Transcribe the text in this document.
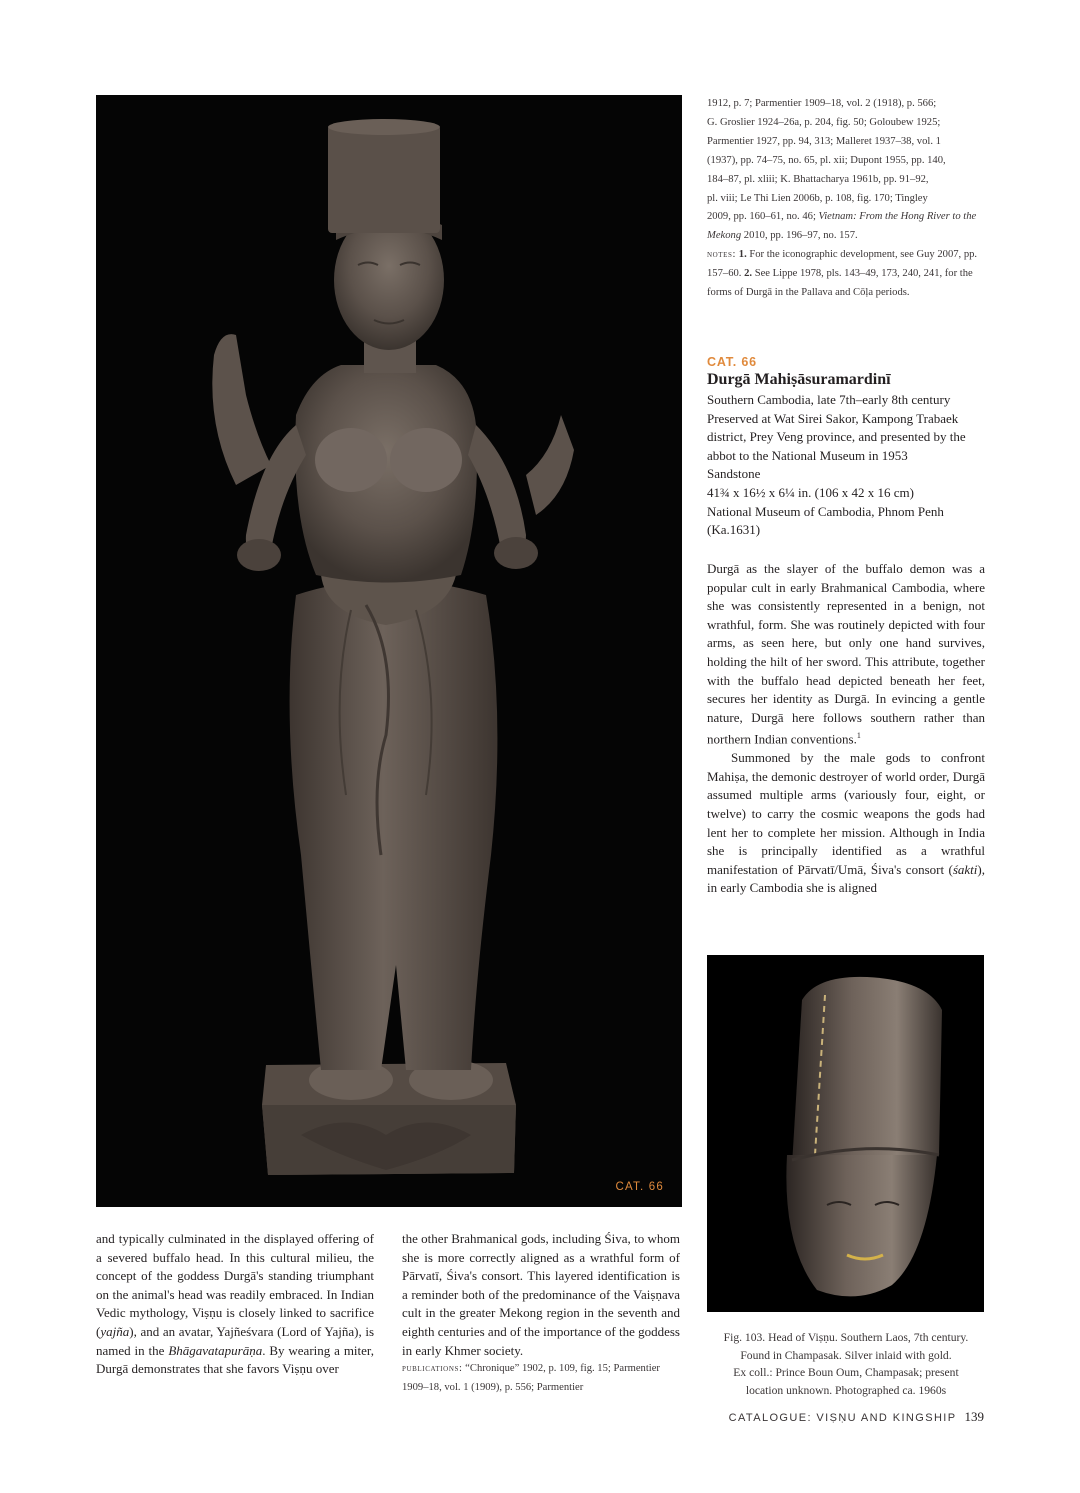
CAT. 66
1912, p. 7; Parmentier 1909–18, vol. 2 (1918), p. 566;
G. Groslier 1924–26a, p. 204, fig. 50; Goloubew 1925;
Parmentier 1927, pp. 94, 313; Malleret 1937–38, vol. 1
(1937), pp. 74–75, no. 65, pl. xii; Dupont 1955, pp. 140,
184–87, pl. xliii; K. Bhattacharya 1961b, pp. 91–92,
pl. viii; Le Thi Lien 2006b, p. 108, fig. 170; Tingley
2009, pp. 160–61, no. 46; Vietnam: From the Hong River to the Mekong 2010, pp. 196–97, no. 157.
notes: 1. For the iconographic development, see Guy 2007, pp. 157–60. 2. See Lippe 1978, pls. 143–49, 173, 240, 241, for the forms of Durgā in the Pallava and Cōḷa periods.
CAT. 66
Durgā Mahiṣāsuramardinī
Southern Cambodia, late 7th–early 8th century
Preserved at Wat Sirei Sakor, Kampong Trabaek district, Prey Veng province, and presented by the abbot to the National Museum in 1953
Sandstone
41¾ x 16½ x 6¼ in. (106 x 42 x 16 cm)
National Museum of Cambodia, Phnom Penh (Ka.1631)

Durgā as the slayer of the buffalo demon was a popular cult in early Brahmanical Cambodia, where she was consistently represented in a benign, not wrathful, form. She was routinely depicted with four arms, as seen here, but only one hand survives, holding the hilt of her sword. This attribute, together with the buffalo head depicted beneath her feet, secures her identity as Durgā. In evincing a gentle nature, Durgā here follows southern rather than northern Indian conventions.$^1$

Summoned by the male gods to confront Mahiṣa, the demonic destroyer of world order, Durgā assumed multiple arms (variously four, eight, or twelve) to carry the cosmic weapons the gods had lent her to complete her mission. Although in India she is principally identified as a wrathful manifestation of Pārvatī/Umā, Śiva's consort (śakti), in early Cambodia she is aligned

Fig. 103. Head of Viṣṇu. Southern Laos, 7th century.
Found in Champasak. Silver inlaid with gold.
Ex coll.: Prince Boun Oum, Champasak; present
location unknown. Photographed ca. 1960s

and typically culminated in the displayed offering of a severed buffalo head. In this cultural milieu, the concept of the goddess Durgā's standing triumphant on the animal's head was readily embraced. In Indian Vedic mythology, Viṣṇu is closely linked to sacrifice (yajña), and an avatar, Yajñeśvara (Lord of Yajña), is named in the Bhāgavatapurāṇa. By wearing a miter, Durgā demonstrates that she favors Viṣṇu over

the other Brahmanical gods, including Śiva, to whom she is more correctly aligned as a wrathful form of Pārvatī, Śiva's consort. This layered identification is a reminder both of the predominance of the Vaiṣṇava cult in the greater Mekong region in the seventh and eighth centuries and of the importance of the goddess in early Khmer society.

publications: “Chronique” 1902, p. 109, fig. 15; Parmentier 1909–18, vol. 1 (1909), p. 556; Parmentier

CATALOGUE: VIṢṆU AND KINGSHIP 139
